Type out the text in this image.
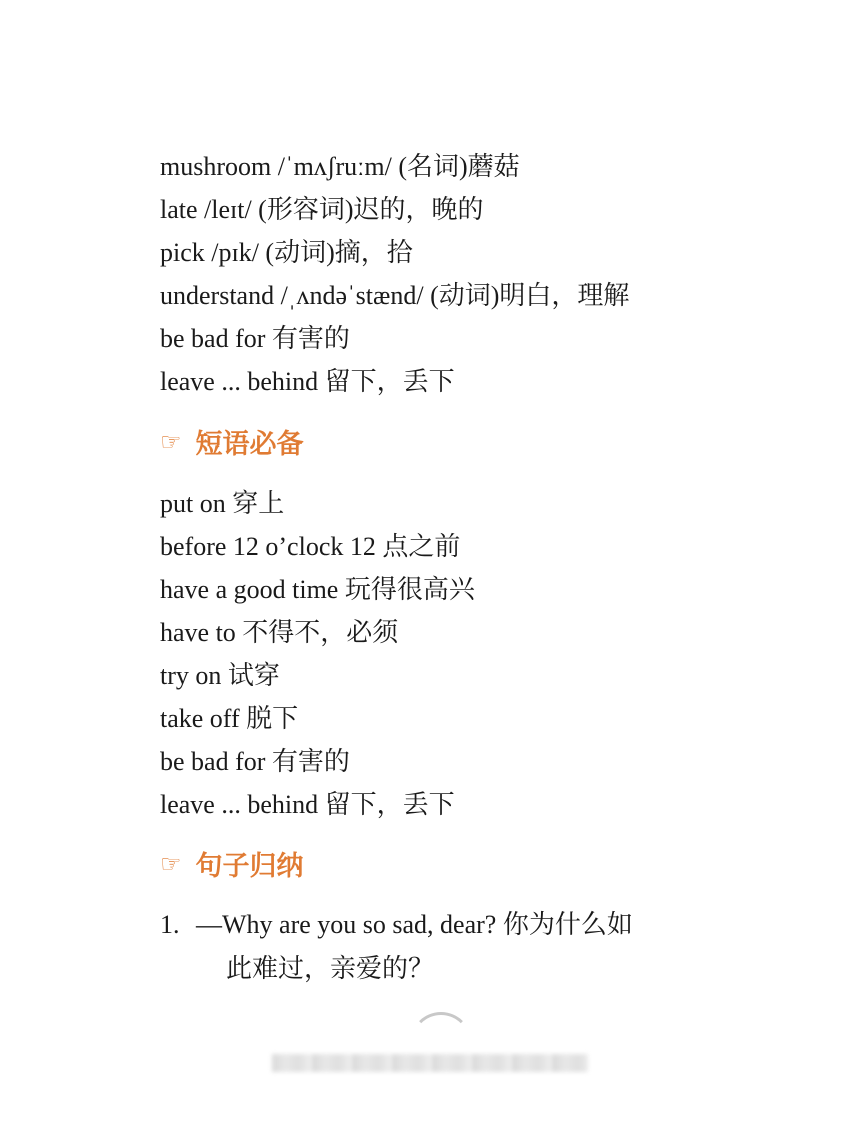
mushroom /ˈmʌʃruːm/ (名词)蘑菇
late /leɪt/ (形容词)迟的，晚的
pick /pɪk/ (动词)摘，拾
understand /ˌʌndəˈstænd/ (动词)明白，理解
be bad for 有害的
leave ... behind 留下，丢下
☞ 短语必备
put on 穿上
before 12 o’clock 12 点之前
have a good time 玩得很高兴
have to 不得不，必须
try on 试穿
take off 脱下
be bad for 有害的
leave ... behind 留下，丢下
☞ 句子归纳
1. —Why are you so sad, dear? 你为什么如
此难过，亲爱的？
